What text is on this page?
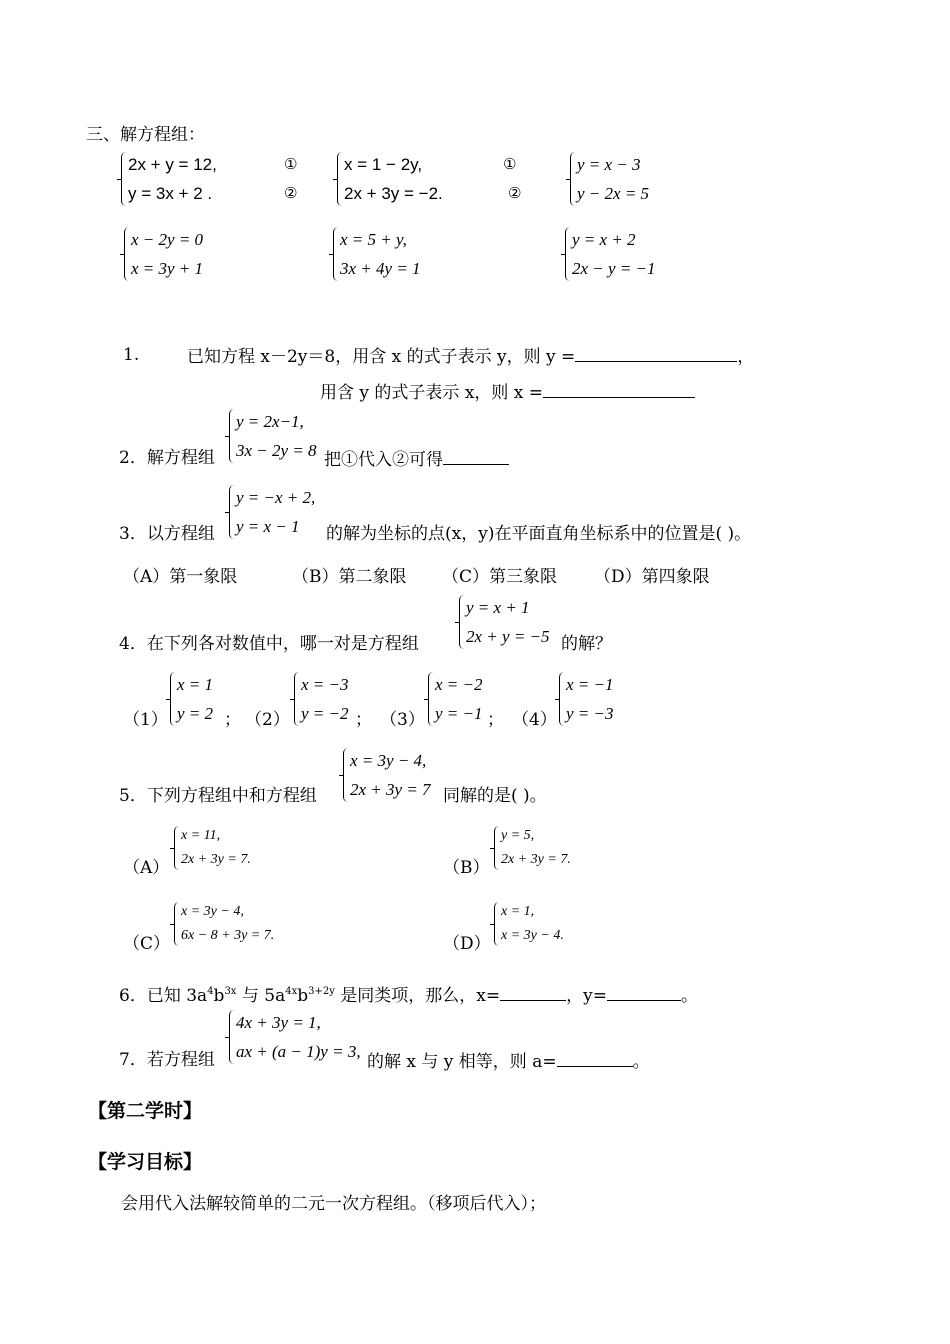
三、解方程组：
2x + y = 12,
y = 3x + 2 .
①
②
x = 1 − 2y,
2x + 3y = −2.
①
②
y = x − 3
y − 2x = 5
x − 2y = 0
x = 3y + 1
x = 5 + y,
3x + 4y = 1
y = x + 2
2x − y = −1
1.	已知方程 x－2y＝8，用含 x 的式子表示 y，则 y =	，
用含 y 的式子表示 x，则 x =
2．解方程组
y = 2x−1,
3x − 2y = 8 把①代入②可得
3．以方程组
y = −x + 2,
y = x − 1 的解为坐标的点(x，y)在平面直角坐标系中的位置是( )。
（A）第一象限	（B）第二象限 （C）第三象限 （D）第四象限
4．在下列各对数值中，哪一对是方程组
y = x + 1
2x + y = −5 的解？
（1）
x = 1
y = 2 ； （2）
x = −3
y = −2 ； （3）
x = −2
y = −1 ； （4）
x = −1
y = −3
5．下列方程组中和方程组
x = 3y − 4,
2x + 3y = 7 同解的是( )。
（A）
x = 11,
2x + 3y = 7.	（B）
y = 5,
2x + 3y = 7.
（C）
x = 3y − 4,
6x − 8 + 3y = 7.	（D）
x = 1,
x = 3y − 4.
6．已知 $3a^4b^{3x}$ 与 $5a^{4x}b^{3+2y}$ 是同类项，那么，x=	，y=	。
7．若方程组
4x + 3y = 1,
ax + (a − 1)y = 3,
的解 x 与 y 相等，则 a=	。
【第二学时】
【学习目标】
会用代入法解较简单的二元一次方程组。（移项后代入）；
